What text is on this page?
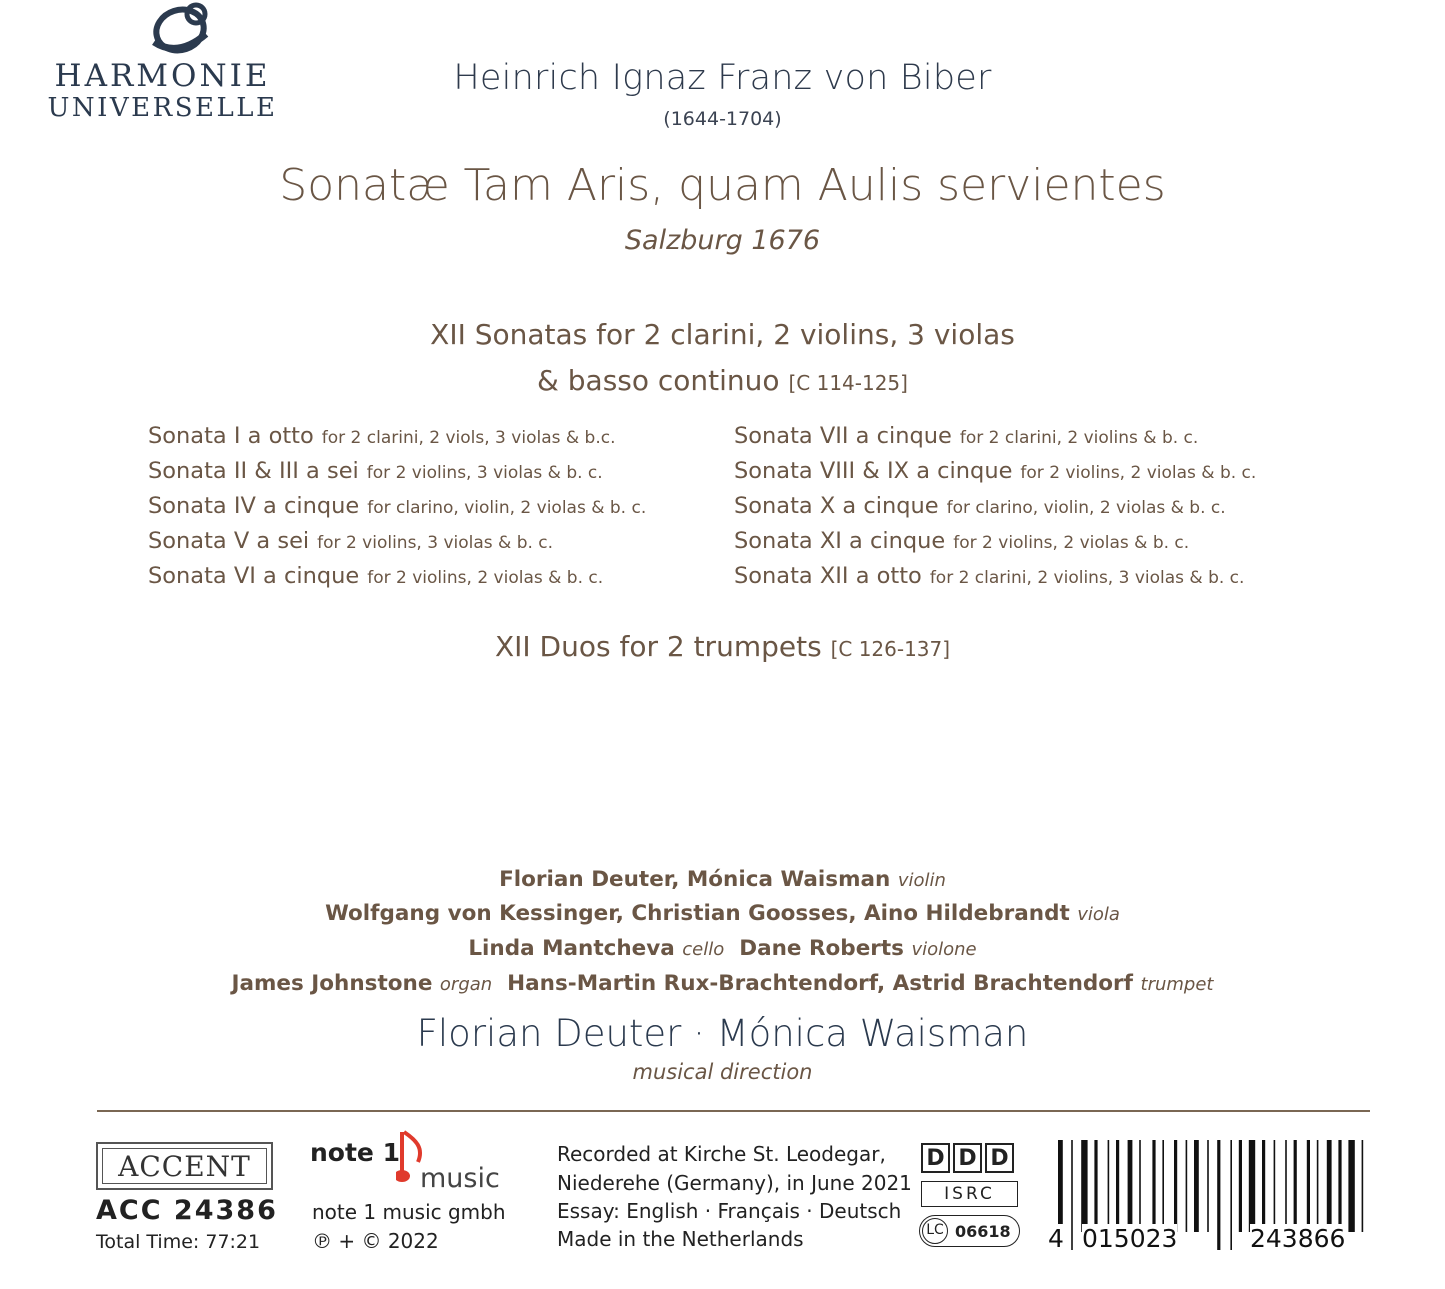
Heinrich Ignaz Franz von Biber
(1644-1704)
Sonatæ Tam Aris, quam Aulis servientes
Salzburg 1676
XII Sonatas for 2 clarini, 2 violins, 3 violas
& basso continuo [C 114-125]
Sonata I a otto for 2 clarini, 2 viols, 3 violas & b.c.
Sonata II & III a sei for 2 violins, 3 violas & b. c.
Sonata IV a cinque for clarino, violin, 2 violas & b. c.
Sonata V a sei for 2 violins, 3 violas & b. c.
Sonata VI a cinque for 2 violins, 2 violas & b. c.
Sonata VII a cinque for 2 clarini, 2 violins & b. c.
Sonata VIII & IX a cinque for 2 violins, 2 violas & b. c.
Sonata X a cinque for clarino, violin, 2 violas & b. c.
Sonata XI a cinque for 2 violins, 2 violas & b. c.
Sonata XII a otto for 2 clarini, 2 violins, 3 violas & b. c.
XII Duos for 2 trumpets [C 126-137]
HARMONIE
UNIVERSELLE
Florian Deuter, Mónica Waisman violin
Wolfgang von Kessinger, Christian Goosses, Aino Hildebrandt viola
Linda Mantcheva cello Dane Roberts violone
James Johnstone organ Hans-Martin Rux-Brachtendorf, Astrid Brachtendorf trumpet
Florian Deuter · Mónica Waisman
musical direction
ACCENT
ACC 24386
Total Time: 77:21
note 1
music
note 1 music gmbh
℗ + © 2022
Recorded at Kirche St. Leodegar,
Niederehe (Germany), in June 2021
Essay: English · Français · Deutsch
Made in the Netherlands
D D D
ISRC
LC 06618 4 015023	243866
